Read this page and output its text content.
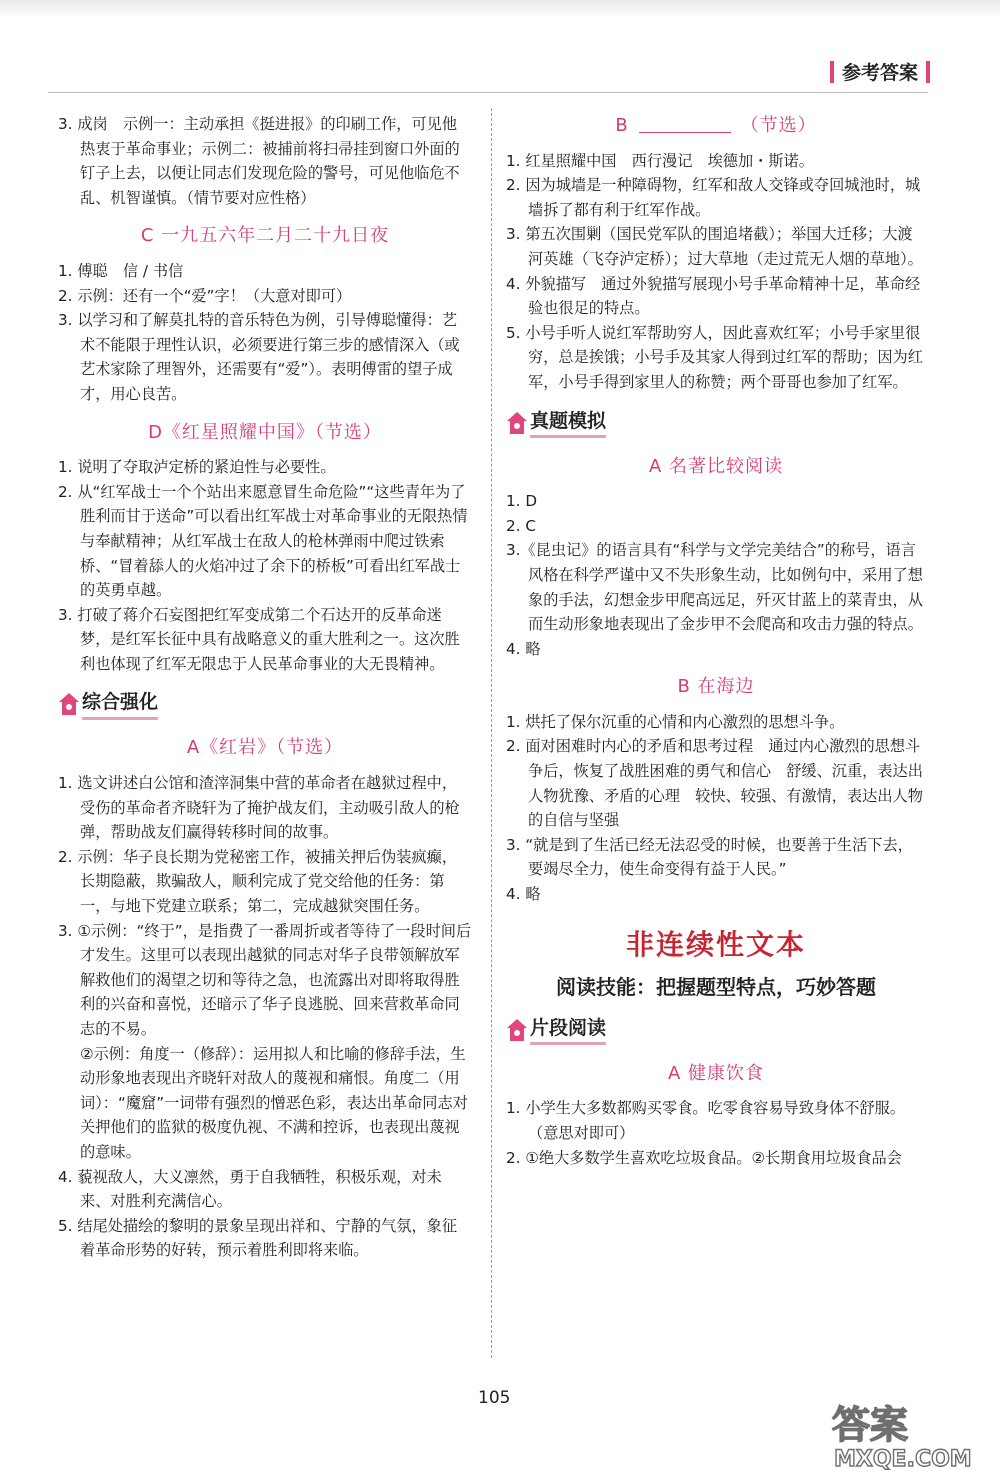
参考答案

3. 成岗　示例一：主动承担《挺进报》的印刷工作，可见他热衷于革命事业；示例二：被捕前将扫帚挂到窗口外面的钉子上去，以便让同志们发现危险的警号，可见他临危不乱、机智谨慎。（情节要对应性格）

C 一九五六年二月二十九日夜

1. 傅聪　信 / 书信

2. 示例：还有一个“爱”字！（大意对即可）

3. 以学习和了解莫扎特的音乐特色为例，引导傅聪懂得：艺术不能限于理性认识，必须要进行第三步的感情深入（或艺术家除了理智外，还需要有“爱”）。表明傅雷的望子成才，用心良苦。

D《红星照耀中国》（节选）

1. 说明了夺取泸定桥的紧迫性与必要性。

2. 从“红军战士一个个站出来愿意冒生命危险”“这些青年为了胜利而甘于送命”可以看出红军战士对革命事业的无限热情与奉献精神；从红军战士在敌人的枪林弹雨中爬过铁索桥、“冒着舔人的火焰冲过了余下的桥板”可看出红军战士的英勇卓越。

3. 打破了蒋介石妄图把红军变成第二个石达开的反革命迷梦，是红军长征中具有战略意义的重大胜利之一。这次胜利也体现了红军无限忠于人民革命事业的大无畏精神。

综合强化
A《红岩》（节选）

1. 选文讲述白公馆和渣滓洞集中营的革命者在越狱过程中，受伤的革命者齐晓轩为了掩护战友们，主动吸引敌人的枪弹，帮助战友们赢得转移时间的故事。

2. 示例：华子良长期为党秘密工作，被捕关押后伪装疯癫，长期隐蔽，欺骗敌人，顺利完成了党交给他的任务：第一，与地下党建立联系；第二，完成越狱突围任务。

3. ①示例：“终于”，是指费了一番周折或者等待了一段时间后才发生。这里可以表现出越狱的同志对华子良带领解放军解救他们的渴望之切和等待之急，也流露出对即将取得胜利的兴奋和喜悦，还暗示了华子良逃脱、回来营救革命同志的不易。

②示例：角度一（修辞）：运用拟人和比喻的修辞手法，生动形象地表现出齐晓轩对敌人的蔑视和痛恨。角度二（用词）：“魔窟”一词带有强烈的憎恶色彩，表达出革命同志对关押他们的监狱的极度仇视、不满和控诉，也表现出蔑视的意味。

4. 藐视敌人，大义凛然，勇于自我牺牲，积极乐观，对未来、对胜利充满信心。

5. 结尾处描绘的黎明的景象呈现出祥和、宁静的气氛，象征着革命形势的好转，预示着胜利即将来临。

B	（节选）

1. 红星照耀中国　西行漫记　埃德加・斯诺。

2. 因为城墙是一种障碍物，红军和敌人交锋或夺回城池时，城墙拆了都有利于红军作战。

3. 第五次围剿（国民党军队的围追堵截）；举国大迁移；大渡河英雄（飞夺泸定桥）；过大草地（走过荒无人烟的草地）。

4. 外貌描写　通过外貌描写展现小号手革命精神十足，革命经验也很足的特点。

5. 小号手听人说红军帮助穷人，因此喜欢红军；小号手家里很穷，总是挨饿；小号手及其家人得到过红军的帮助；因为红军，小号手得到家里人的称赞；两个哥哥也参加了红军。

真题模拟
A 名著比较阅读

1. D

2. C

3.《昆虫记》的语言具有“科学与文学完美结合”的称号，语言风格在科学严谨中又不失形象生动，比如例句中，采用了想象的手法，幻想金步甲爬高远足，歼灭甘蓝上的菜青虫，从而生动形象地表现出了金步甲不会爬高和攻击力强的特点。

4. 略

B 在海边

1. 烘托了保尔沉重的心情和内心激烈的思想斗争。

2. 面对困难时内心的矛盾和思考过程　通过内心激烈的思想斗争后，恢复了战胜困难的勇气和信心　舒缓、沉重，表达出人物犹豫、矛盾的心理　较快、较强、有激情，表达出人物的自信与坚强

3. “就是到了生活已经无法忍受的时候，也要善于生活下去，要竭尽全力，使生命变得有益于人民。”

4. 略

非连续性文本
阅读技能：把握题型特点，巧妙答题
片段阅读
A 健康饮食

1. 小学生大多数都购买零食。吃零食容易导致身体不舒服。（意思对即可）

2. ①绝大多数学生喜欢吃垃圾食品。②长期食用垃圾食品会

105
答案
MXQE.COM
